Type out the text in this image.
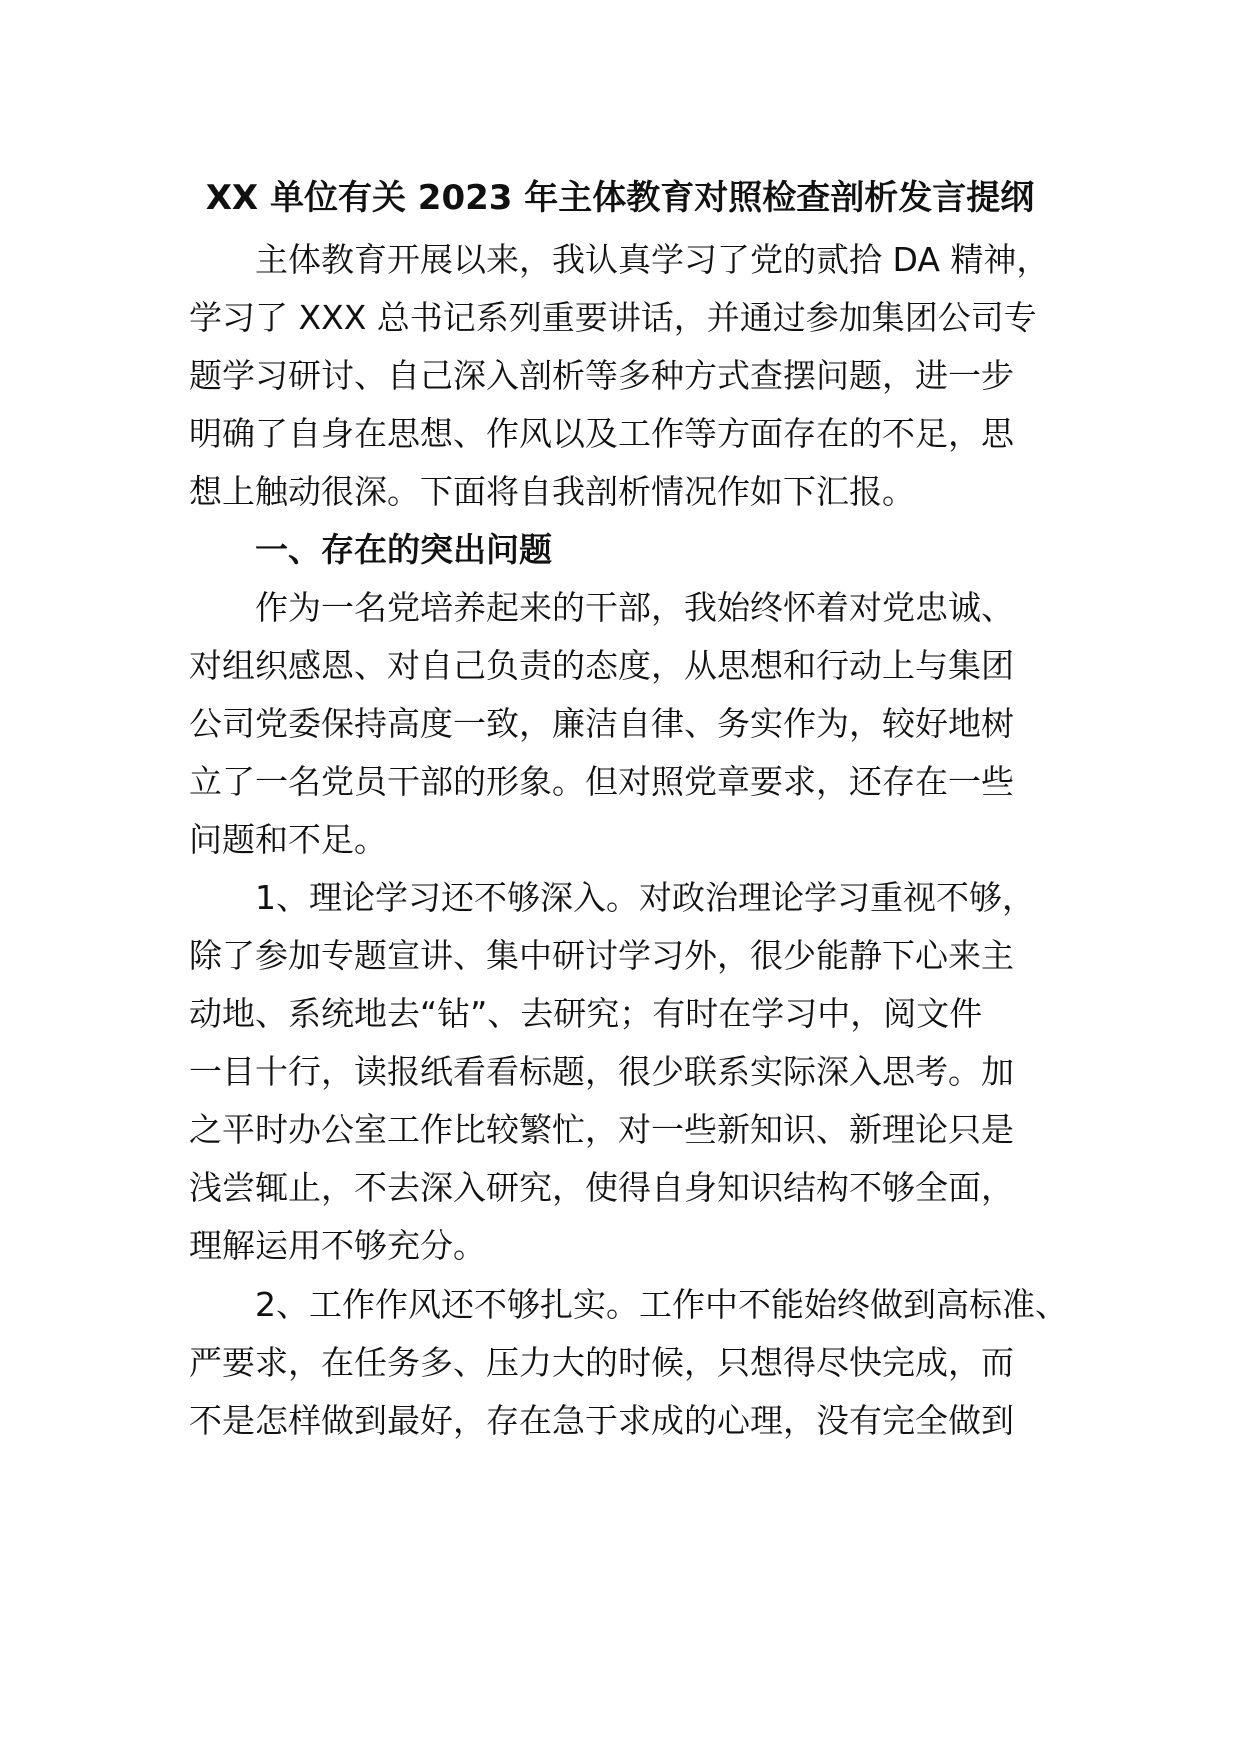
XX 单位有关 2023 年主体教育对照检查剖析发言提纲
主体教育开展以来，我认真学习了党的贰拾 DA 精神，
学习了 XXX 总书记系列重要讲话，并通过参加集团公司专
题学习研讨、自己深入剖析等多种方式查摆问题，进一步
明确了自身在思想、作风以及工作等方面存在的不足，思
想上触动很深。下面将自我剖析情况作如下汇报。
一、存在的突出问题
作为一名党培养起来的干部，我始终怀着对党忠诚、
对组织感恩、对自己负责的态度，从思想和行动上与集团
公司党委保持高度一致，廉洁自律、务实作为，较好地树
立了一名党员干部的形象。但对照党章要求，还存在一些
问题和不足。
1、理论学习还不够深入。对政治理论学习重视不够，
除了参加专题宣讲、集中研讨学习外，很少能静下心来主
动地、系统地去“钻”、去研究；有时在学习中，阅文件
一目十行，读报纸看看标题，很少联系实际深入思考。加
之平时办公室工作比较繁忙，对一些新知识、新理论只是
浅尝辄止，不去深入研究，使得自身知识结构不够全面，
理解运用不够充分。
2、工作作风还不够扎实。工作中不能始终做到高标准、
严要求，在任务多、压力大的时候，只想得尽快完成，而
不是怎样做到最好，存在急于求成的心理，没有完全做到
